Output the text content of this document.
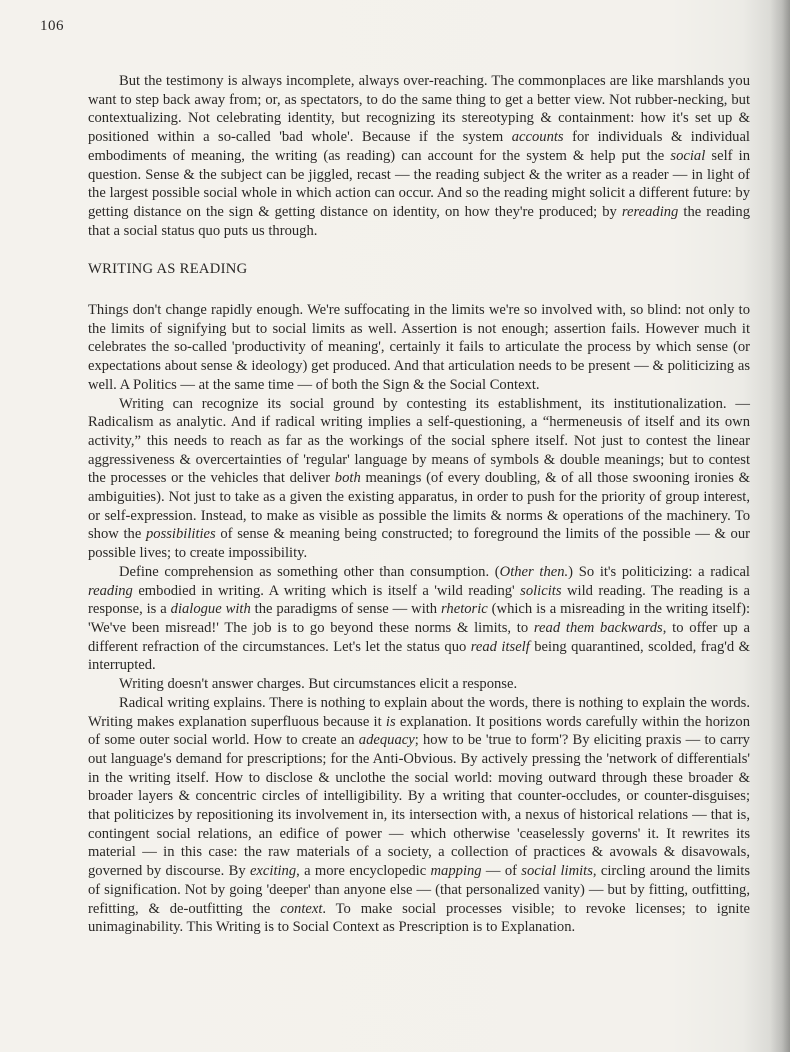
106

But the testimony is always incomplete, always over-reaching. The commonplaces are like marshlands you want to step back away from; or, as spectators, to do the same thing to get a better view. Not rubber-necking, but contextualizing. Not celebrating identity, but recognizing its stereotyping & containment: how it's set up & positioned within a so-called 'bad whole'. Because if the system accounts for individuals & individual embodiments of meaning, the writing (as reading) can account for the system & help put the social self in question. Sense & the subject can be jiggled, recast — the reading subject & the writer as a reader — in light of the largest possible social whole in which action can occur. And so the reading might solicit a different future: by getting distance on the sign & getting distance on identity, on how they're produced; by rereading the reading that a social status quo puts us through.

WRITING AS READING

Things don't change rapidly enough. We're suffocating in the limits we're so involved with, so blind: not only to the limits of signifying but to social limits as well. Assertion is not enough; assertion fails. However much it celebrates the so-called 'productivity of meaning', certainly it fails to articulate the process by which sense (or expectations about sense & ideology) get produced. And that articulation needs to be present — & politicizing as well. A Politics — at the same time — of both the Sign & the Social Context.

Writing can recognize its social ground by contesting its establishment, its institutionalization. — Radicalism as analytic. And if radical writing implies a self-questioning, a “hermeneusis of itself and its own activity,” this needs to reach as far as the workings of the social sphere itself. Not just to contest the linear aggressiveness & overcertainties of 'regular' language by means of symbols & double meanings; but to contest the processes or the vehicles that deliver both meanings (of every doubling, & of all those swooning ironies & ambiguities). Not just to take as a given the existing apparatus, in order to push for the priority of group interest, or self-expression. Instead, to make as visible as possible the limits & norms & operations of the machinery. To show the possibilities of sense & meaning being constructed; to foreground the limits of the possible — & our possible lives; to create impossibility.

Define comprehension as something other than consumption. (Other then.) So it's politicizing: a radical reading embodied in writing. A writing which is itself a 'wild reading' solicits wild reading. The reading is a response, is a dialogue with the paradigms of sense — with rhetoric (which is a misreading in the writing itself): 'We've been misread!' The job is to go beyond these norms & limits, to read them backwards, to offer up a different refraction of the circumstances. Let's let the status quo read itself being quarantined, scolded, frag'd & interrupted.

Writing doesn't answer charges. But circumstances elicit a response.

Radical writing explains. There is nothing to explain about the words, there is nothing to explain the words. Writing makes explanation superfluous because it is explanation. It positions words carefully within the horizon of some outer social world. How to create an adequacy; how to be 'true to form'? By eliciting praxis — to carry out language's demand for prescriptions; for the Anti-Obvious. By actively pressing the 'network of differentials' in the writing itself. How to disclose & unclothe the social world: moving outward through these broader & broader layers & concentric circles of intelligibility. By a writing that counter-occludes, or counter-disguises; that politicizes by repositioning its involvement in, its intersection with, a nexus of historical relations — that is, contingent social relations, an edifice of power — which otherwise 'ceaselessly governs' it. It rewrites its material — in this case: the raw materials of a society, a collection of practices & avowals & disavowals, governed by discourse. By exciting, a more encyclopedic mapping — of social limits, circling around the limits of signification. Not by going 'deeper' than anyone else — (that personalized vanity) — but by fitting, outfitting, refitting, & de-outfitting the context. To make social processes visible; to revoke licenses; to ignite unimaginability. This Writing is to Social Context as Prescription is to Explanation.
